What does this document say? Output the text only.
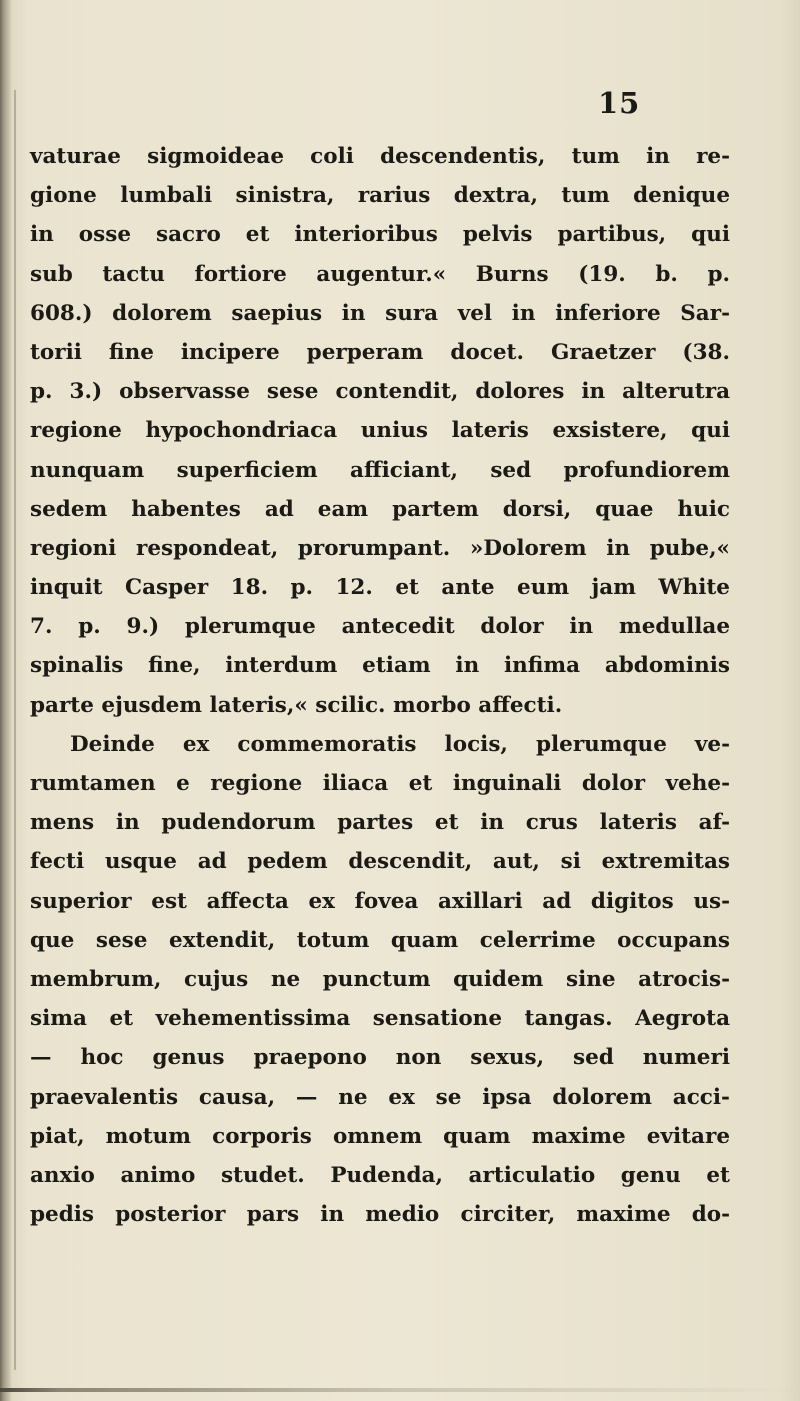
15
vaturae sigmoideae coli descendentis, tum in re-
gione lumbali sinistra, rarius dextra, tum denique
in osse sacro et interioribus pelvis partibus, qui
sub tactu fortiore augentur.« Burns (19. b. p.
608.) dolorem saepius in sura vel in inferiore Sar-
torii fine incipere perperam docet. Graetzer (38.
p. 3.) observasse sese contendit, dolores in alterutra
regione hypochondriaca unius lateris exsistere, qui
nunquam superficiem afficiant, sed profundiorem
sedem habentes ad eam partem dorsi, quae huic
regioni respondeat, prorumpant. »Dolorem in pube,«
inquit Casper 18. p. 12. et ante eum jam White
7. p. 9.) plerumque antecedit dolor in medullae
spinalis fine, interdum etiam in infima abdominis
parte ejusdem lateris,« scilic. morbo affecti.
Deinde ex commemoratis locis, plerumque ve-
rumtamen e regione iliaca et inguinali dolor vehe-
mens in pudendorum partes et in crus lateris af-
fecti usque ad pedem descendit, aut, si extremitas
superior est affecta ex fovea axillari ad digitos us-
que sese extendit, totum quam celerrime occupans
membrum, cujus ne punctum quidem sine atrocis-
sima et vehementissima sensatione tangas. Aegrota
— hoc genus praepono non sexus, sed numeri
praevalentis causa, — ne ex se ipsa dolorem acci-
piat, motum corporis omnem quam maxime evitare
anxio animo studet. Pudenda, articulatio genu et
pedis posterior pars in medio circiter, maxime do-
